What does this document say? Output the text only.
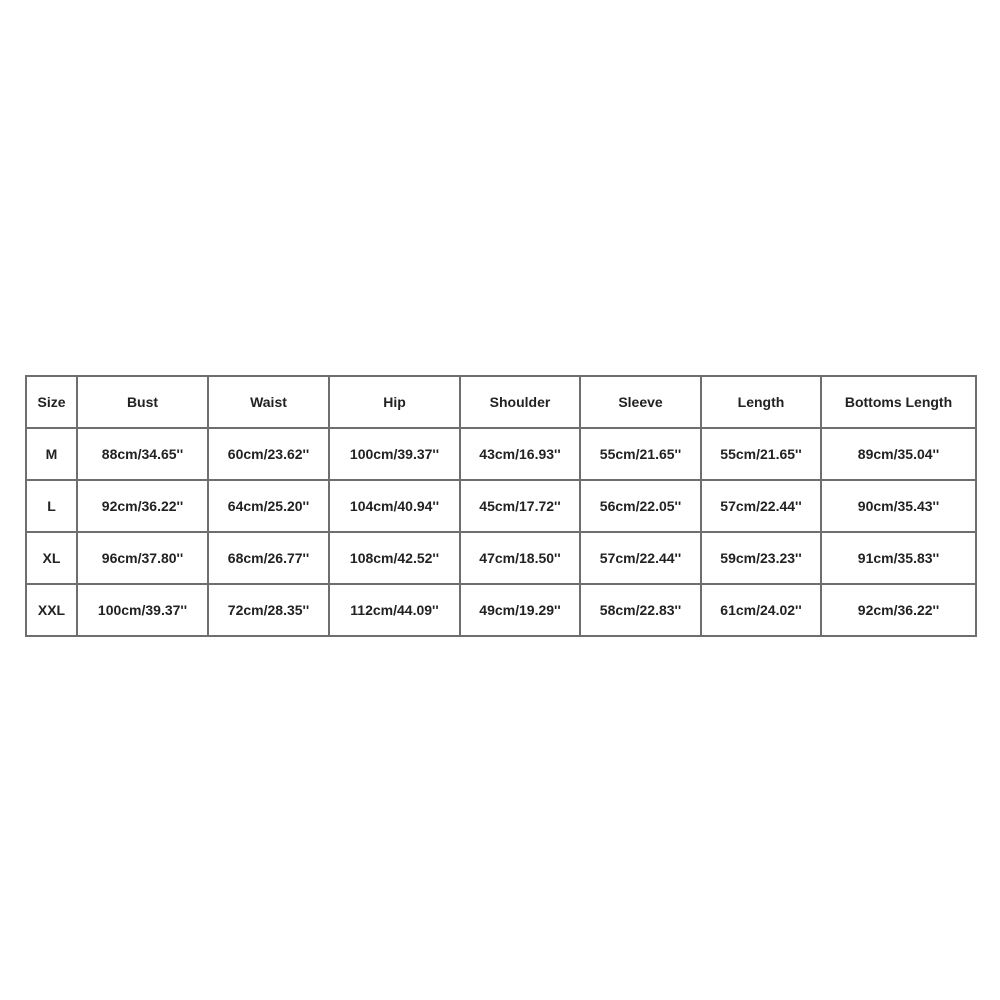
Size	Bust	Waist	Hip	Shoulder	Sleeve	Length	Bottoms Length
M	88cm/34.65''	60cm/23.62''	100cm/39.37''	43cm/16.93''	55cm/21.65''	55cm/21.65''	89cm/35.04''
L	92cm/36.22''	64cm/25.20''	104cm/40.94''	45cm/17.72''	56cm/22.05''	57cm/22.44''	90cm/35.43''
XL	96cm/37.80''	68cm/26.77''	108cm/42.52''	47cm/18.50''	57cm/22.44''	59cm/23.23''	91cm/35.83''
XXL	100cm/39.37''	72cm/28.35''	112cm/44.09''	49cm/19.29''	58cm/22.83''	61cm/24.02''	92cm/36.22''
